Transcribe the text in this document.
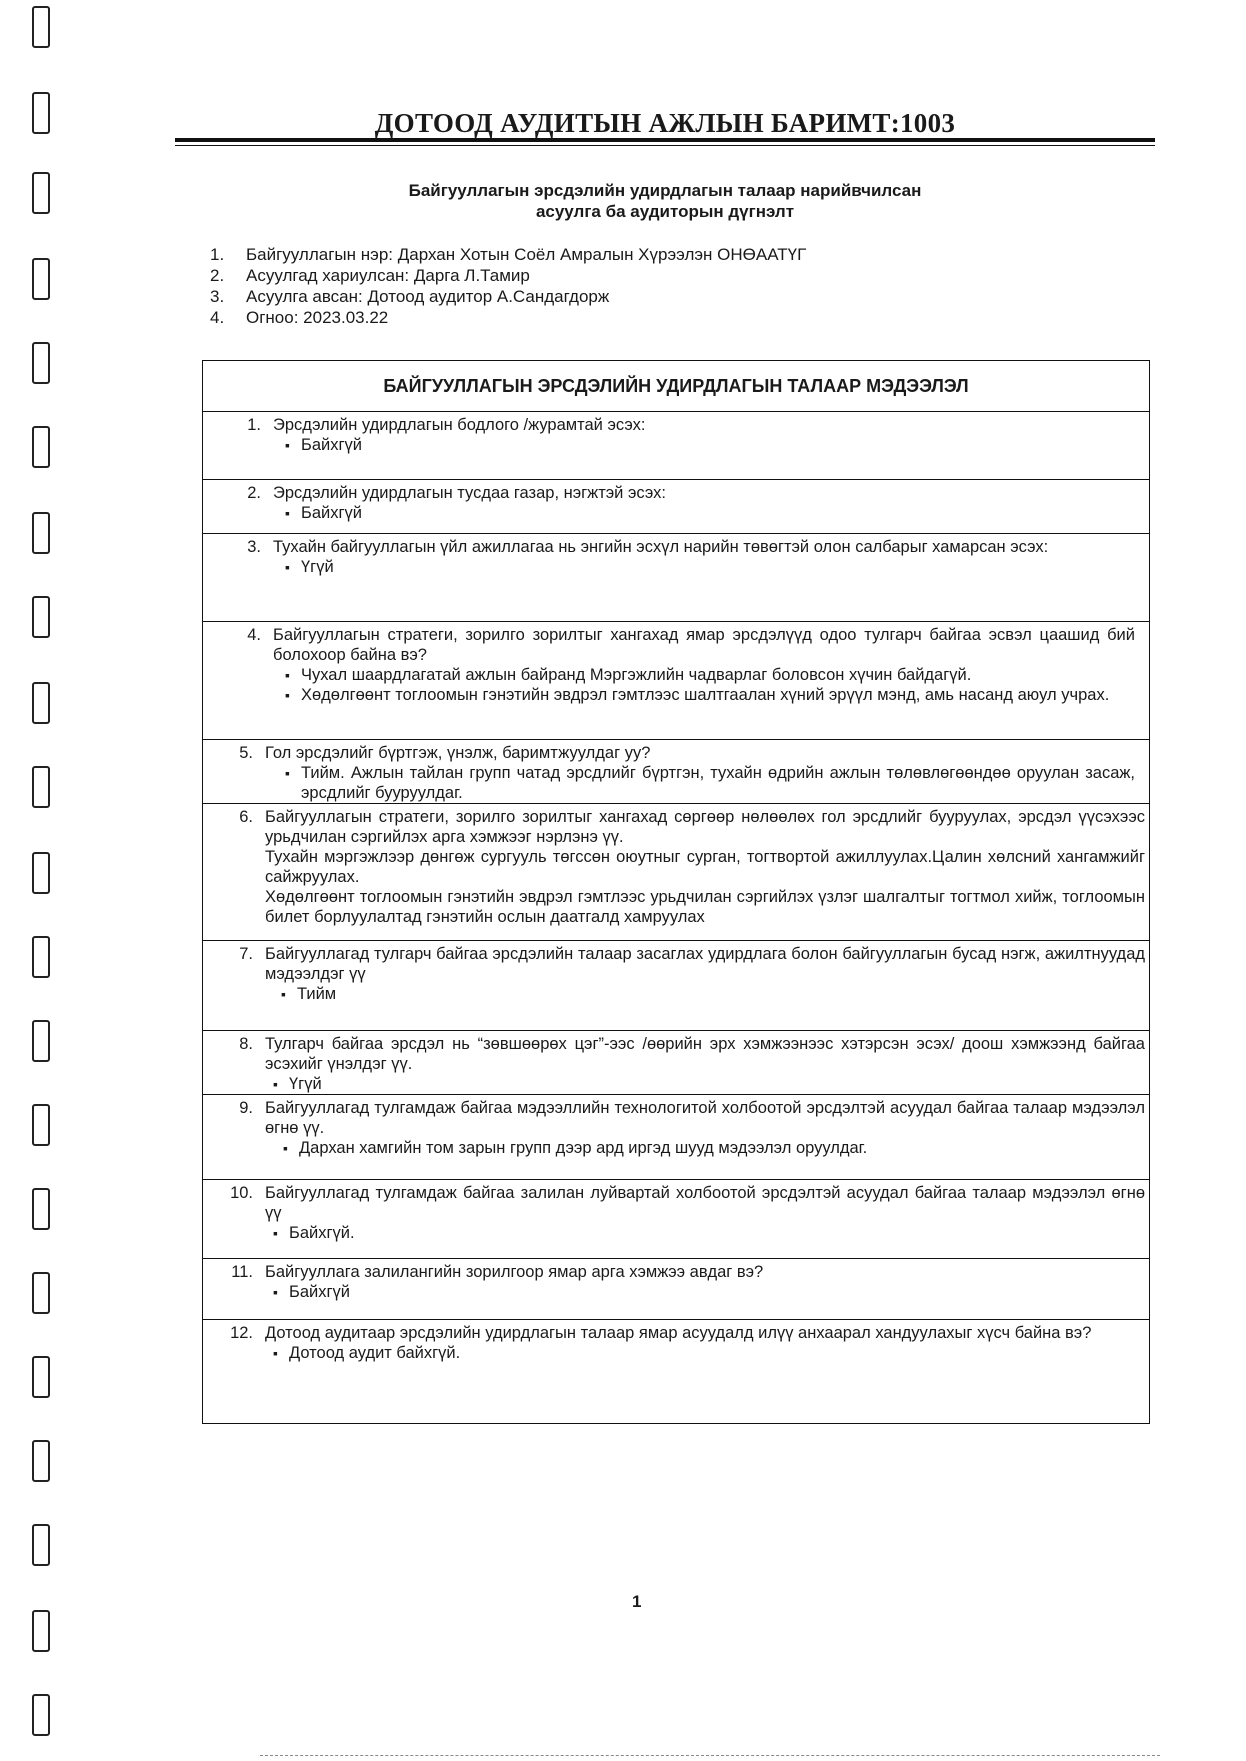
ДОТООД АУДИТЫН АЖЛЫН БАРИМТ:1003
Байгууллагын эрсдэлийн удирдлагын талаар нарийвчилсан
асуулга ба аудиторын дүгнэлт
1. Байгууллагын нэр: Дархан Хотын Соёл Амралын Хүрээлэн ОНӨААТҮГ
2. Асуулгад хариулсан: Дарга Л.Тамир
3. Асуулга авсан: Дотоод аудитор А.Сандагдорж
4. Огноо: 2023.03.22
БАЙГУУЛЛАГЫН ЭРСДЭЛИЙН УДИРДЛАГЫН ТАЛААР МЭДЭЭЛЭЛ
1. Эрсдэлийн удирдлагын бодлого /журамтай эсэх:
▪ Байхгүй
2. Эрсдэлийн удирдлагын тусдаа газар, нэгжтэй эсэх:
▪ Байхгүй
3. Тухайн байгууллагын үйл ажиллагаа нь энгийн эсхүл нарийн төвөгтэй олон салбарыг хамарсан эсэх:
▪ Үгүй
4. Байгууллагын стратеги, зорилго зорилтыг хангахад ямар эрсдэлүүд одоо тулгарч байгаа эсвэл цаашид бий болохоор байна вэ?
▪ Чухал шаардлагатай ажлын байранд Мэргэжлийн чадварлаг боловсон хүчин байдагүй.
▪ Хөдөлгөөнт тоглоомын гэнэтийн эвдрэл гэмтлээс шалтгаалан хүний эрүүл мэнд, амь насанд аюул учрах.
5. Гол эрсдэлийг бүртгэж, үнэлж, баримтжуулдаг уу?
▪ Тийм. Ажлын тайлан групп чатад эрсдлийг бүртгэн, тухайн өдрийн ажлын төлөвлөгөөндөө оруулан засаж, эрсдлийг бууруулдаг.
6. Байгууллагын стратеги, зорилго зорилтыг хангахад сөргөөр нөлөөлөх гол эрсдлийг бууруулах, эрсдэл үүсэхээс урьдчилан сэргийлэх арга хэмжээг нэрлэнэ үү.
Тухайн мэргэжлээр дөнгөж сургууль төгссөн оюутныг сурган, тогтвортой ажиллуулах.Цалин хөлсний хангамжийг сайжруулах.
Хөдөлгөөнт тоглоомын гэнэтийн эвдрэл гэмтлээс урьдчилан сэргийлэх үзлэг шалгалтыг тогтмол хийж, тоглоомын билет борлуулалтад гэнэтийн ослын даатгалд хамруулах
7. Байгууллагад тулгарч байгаа эрсдэлийн талаар засаглах удирдлага болон байгууллагын бусад нэгж, ажилтнуудад мэдээлдэг үү
▪ Тийм
8. Тулгарч байгаа эрсдэл нь “зөвшөөрөх цэг”-ээс /өөрийн эрх хэмжээнээс хэтэрсэн эсэх/ доош хэмжээнд байгаа эсэхийг үнэлдэг үү.
▪ Үгүй
9. Байгууллагад тулгамдаж байгаа мэдээллийн технологитой холбоотой эрсдэлтэй асуудал байгаа талаар мэдээлэл өгнө үү.
▪ Дархан хамгийн том зарын групп дээр ард иргэд шууд мэдээлэл оруулдаг.
10. Байгууллагад тулгамдаж байгаа залилан луйвартай холбоотой эрсдэлтэй асуудал байгаа талаар мэдээлэл өгнө үү
▪ Байхгүй.
11. Байгууллага залилангийн зорилгоор ямар арга хэмжээ авдаг вэ?
▪ Байхгүй
12. Дотоод аудитаар эрсдэлийн удирдлагын талаар ямар асуудалд илүү анхаарал хандуулахыг хүсч байна вэ?
▪ Дотоод аудит байхгүй.
1
